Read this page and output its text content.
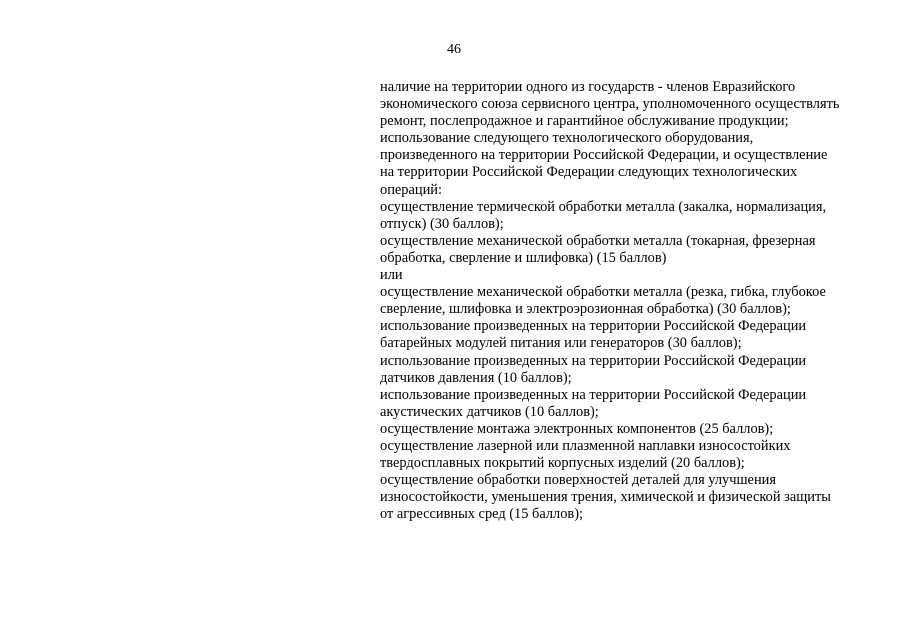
46
наличие на территории одного из государств - членов Евразийского
экономического союза сервисного центра, уполномоченного осуществлять
ремонт, послепродажное и гарантийное обслуживание продукции;
использование следующего технологического оборудования,
произведенного на территории Российской Федерации, и осуществление
на территории Российской Федерации следующих технологических
операций:
осуществление термической обработки металла (закалка, нормализация,
отпуск) (30 баллов);
осуществление механической обработки металла (токарная, фрезерная
обработка, сверление и шлифовка) (15 баллов)
или
осуществление механической обработки металла (резка, гибка, глубокое
сверление, шлифовка и электроэрозионная обработка) (30 баллов);
использование произведенных на территории Российской Федерации
батарейных модулей питания или генераторов (30 баллов);
использование произведенных на территории Российской Федерации
датчиков давления (10 баллов);
использование произведенных на территории Российской Федерации
акустических датчиков (10 баллов);
осуществление монтажа электронных компонентов (25 баллов);
осуществление лазерной или плазменной наплавки износостойких
твердосплавных покрытий корпусных изделий (20 баллов);
осуществление обработки поверхностей деталей для улучшения
износостойкости, уменьшения трения, химической и физической защиты
от агрессивных сред (15 баллов);
